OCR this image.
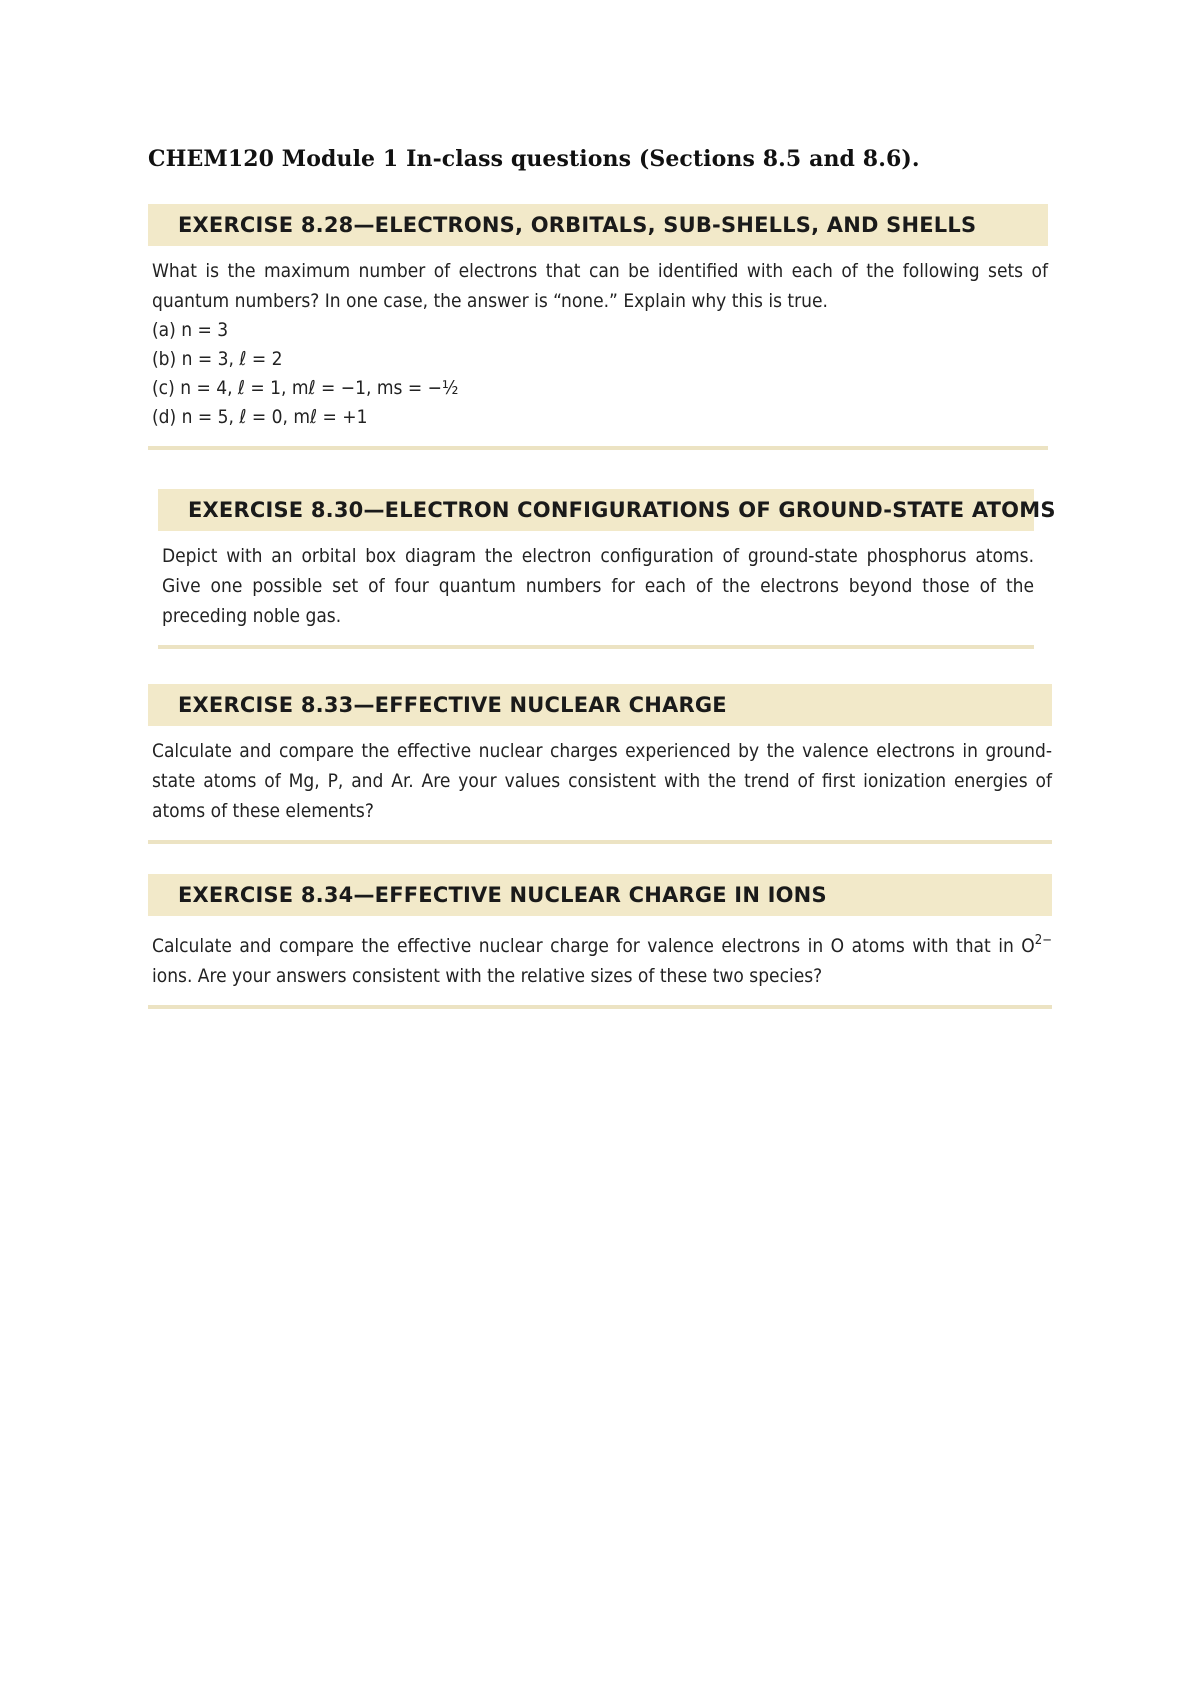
CHEM120 Module 1 In-class questions (Sections 8.5 and 8.6).
EXERCISE 8.28—ELECTRONS, ORBITALS, SUB-SHELLS, AND SHELLS

What is the maximum number of electrons that can be identified with each of the following sets of quantum numbers? In one case, the answer is “none.” Explain why this is true.

(a) n = 3
(b) n = 3, ℓ = 2
(c) n = 4, ℓ = 1, mℓ = −1, ms = −½
(d) n = 5, ℓ = 0, mℓ = +1
EXERCISE 8.30—ELECTRON CONFIGURATIONS OF GROUND-STATE ATOMS

Depict with an orbital box diagram the electron configuration of ground-state phosphorus atoms. Give one possible set of four quantum numbers for each of the electrons beyond those of the preceding noble gas.

EXERCISE 8.33—EFFECTIVE NUCLEAR CHARGE

Calculate and compare the effective nuclear charges experienced by the valence electrons in ground-state atoms of Mg, P, and Ar. Are your values consistent with the trend of first ionization energies of atoms of these elements?

EXERCISE 8.34—EFFECTIVE NUCLEAR CHARGE IN IONS

Calculate and compare the effective nuclear charge for valence electrons in O atoms with that in $O^{2-}$ ions. Are your answers consistent with the relative sizes of these two species?
